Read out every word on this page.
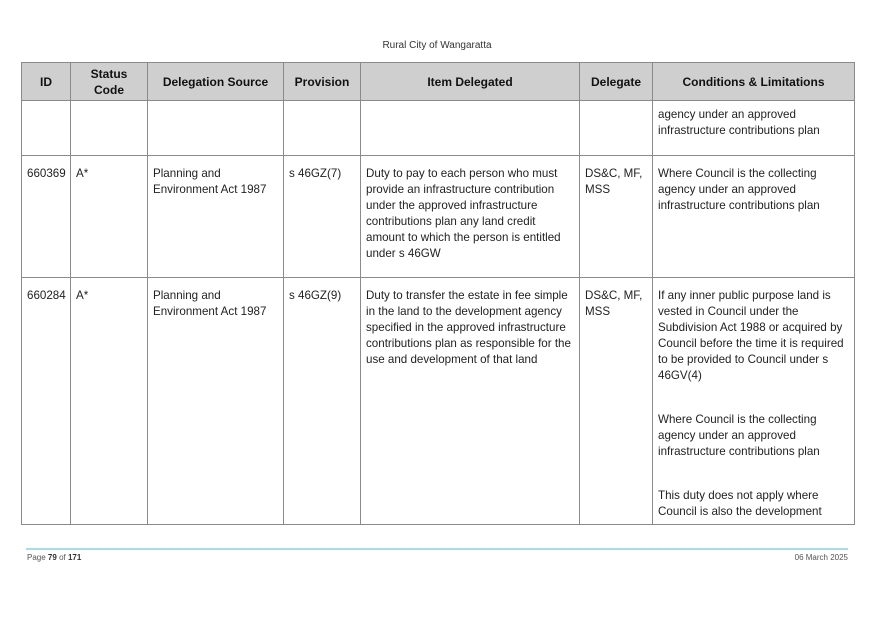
Rural City of Wangaratta
ID	Status Code	Delegation Source	Provision	Item Delegated	Delegate	Conditions & Limitations
						agency under an approved infrastructure contributions plan
660369	A*	Planning and Environment Act 1987	s 46GZ(7)	Duty to pay to each person who must provide an infrastructure contribution under the approved infrastructure contributions plan any land credit amount to which the person is entitled under s 46GW	DS&C, MF, MSS	Where Council is the collecting agency under an approved infrastructure contributions plan

660284	A*	Planning and Environment Act 1987	s 46GZ(9)	Duty to transfer the estate in fee simple in the land to the development agency specified in the approved infrastructure contributions plan as responsible for the use and development of that land	DS&C, MF, MSS	If any inner public purpose land is vested in Council under the Subdivision Act 1988 or acquired by Council before the time it is required to be provided to Council under s 46GV(4)
Where Council is the collecting agency under an approved infrastructure contributions plan
This duty does not apply where Council is also the development
Page 79 of 171	06 March 2025
